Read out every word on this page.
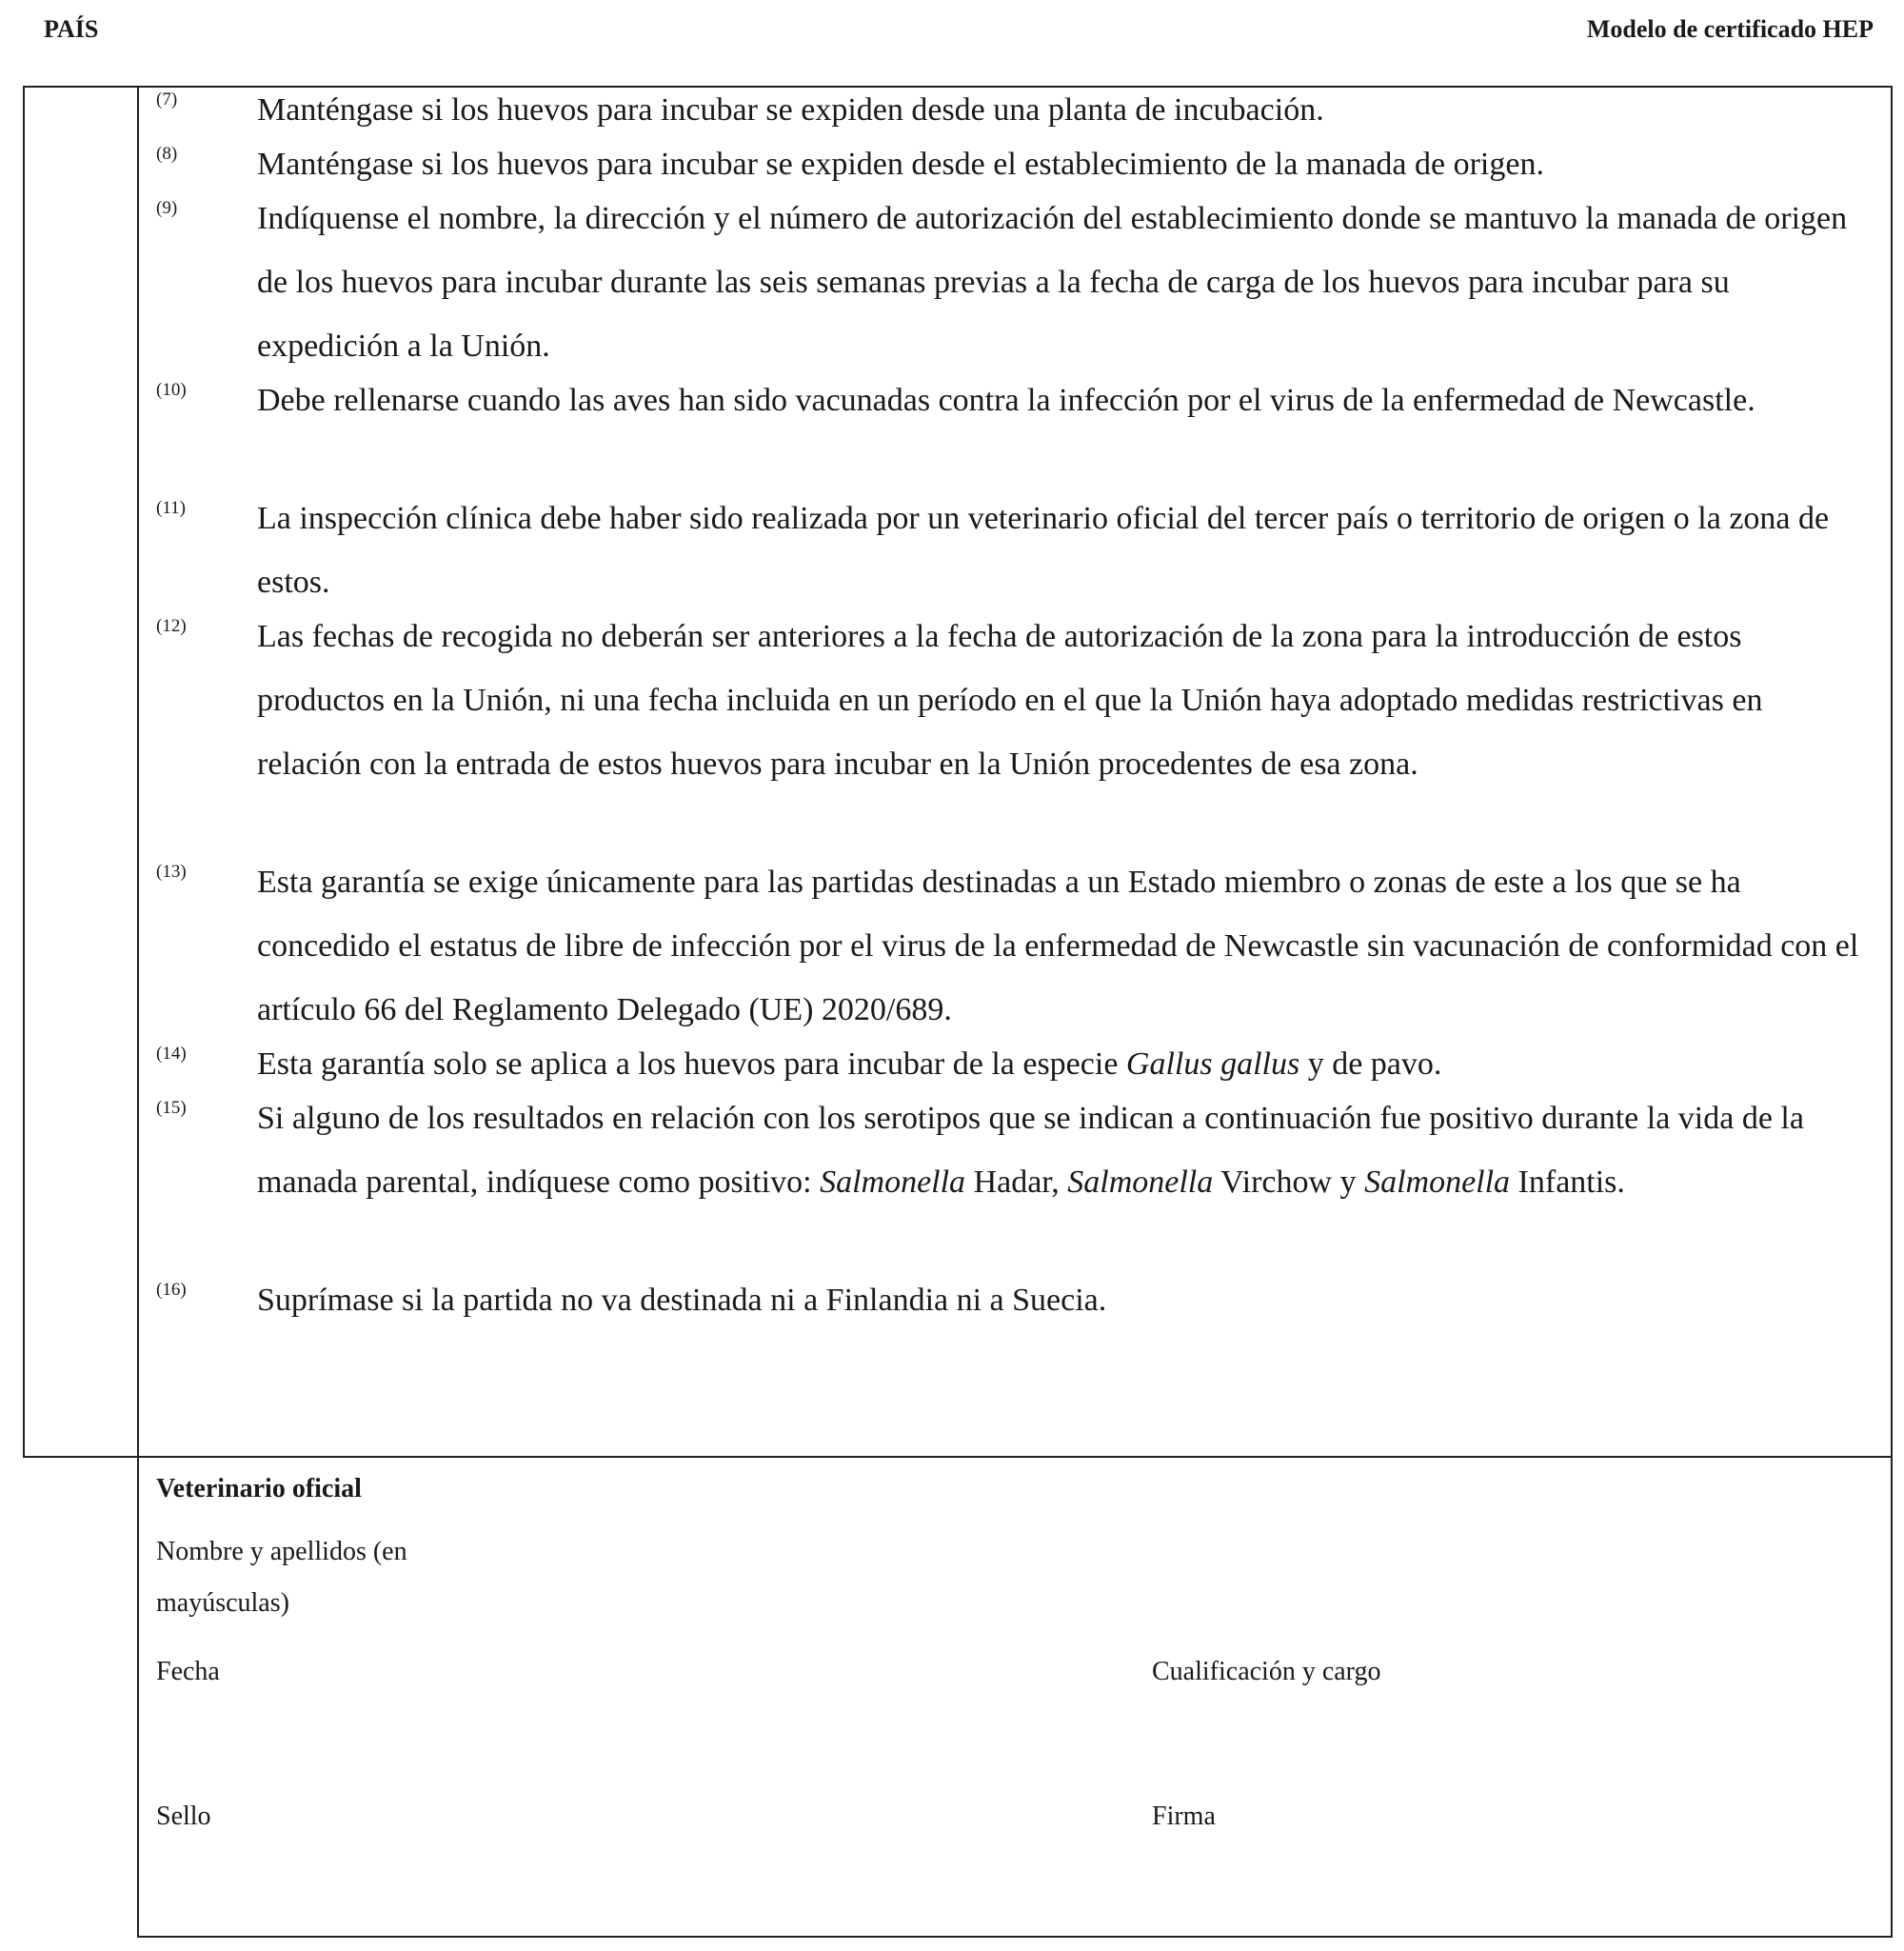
PAÍS	Modelo de certificado HEP
(7)	Manténgase si los huevos para incubar se expiden desde una planta de incubación.
(8)	Manténgase si los huevos para incubar se expiden desde el establecimiento de la manada de origen.
(9)	Indíquense el nombre, la dirección y el número de autorización del establecimiento donde se mantuvo la manada de origen de los huevos para incubar durante las seis semanas previas a la fecha de carga de los huevos para incubar para su expedición a la Unión.
(10)	Debe rellenarse cuando las aves han sido vacunadas contra la infección por el virus de la enfermedad de Newcastle.
(11)	La inspección clínica debe haber sido realizada por un veterinario oficial del tercer país o territorio de origen o la zona de estos.
(12)	Las fechas de recogida no deberán ser anteriores a la fecha de autorización de la zona para la introducción de estos productos en la Unión, ni una fecha incluida en un período en el que la Unión haya adoptado medidas restrictivas en relación con la entrada de estos huevos para incubar en la Unión procedentes de esa zona.
(13)	Esta garantía se exige únicamente para las partidas destinadas a un Estado miembro o zonas de este a los que se ha concedido el estatus de libre de infección por el virus de la enfermedad de Newcastle sin vacunación de conformidad con el artículo 66 del Reglamento Delegado (UE) 2020/689.
(14)	Esta garantía solo se aplica a los huevos para incubar de la especie Gallus gallus y de pavo.
(15)	Si alguno de los resultados en relación con los serotipos que se indican a continuación fue positivo durante la vida de la manada parental, indíquese como positivo: Salmonella Hadar, Salmonella Virchow y Salmonella Infantis.
(16)	Suprímase si la partida no va destinada ni a Finlandia ni a Suecia.
Veterinario oficial
Nombre y apellidos (en
mayúsculas)
Fecha	Cualificación y cargo
Sello	Firma
